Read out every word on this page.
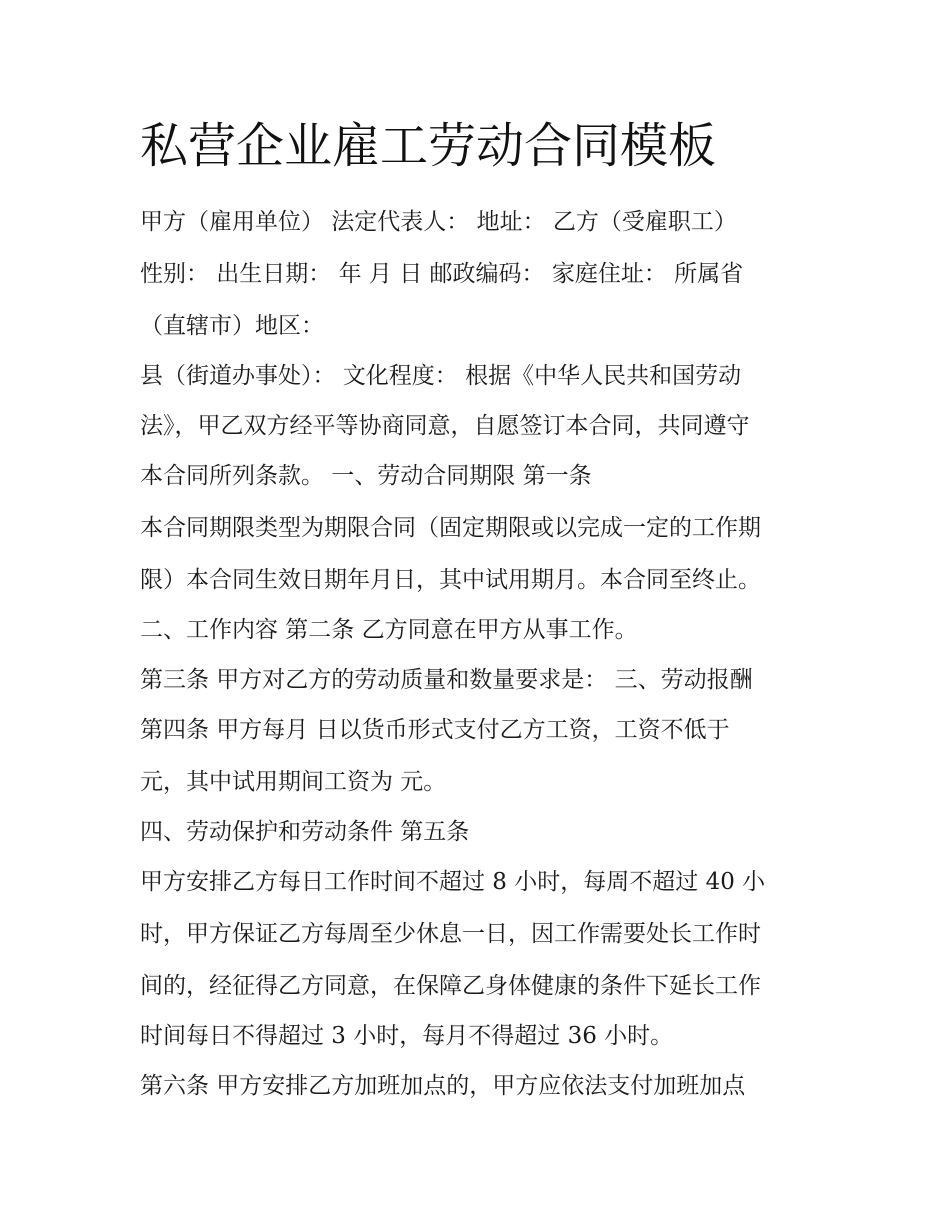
私营企业雇工劳动合同模板

甲方（雇用单位） 法定代表人： 地址： 乙方（受雇职工）

性别： 出生日期： 年 月 日 邮政编码： 家庭住址： 所属省

（直辖市）地区：

县（街道办事处）： 文化程度： 根据《中华人民共和国劳动

法》，甲乙双方经平等协商同意，自愿签订本合同，共同遵守

本合同所列条款。 一、劳动合同期限 第一条

本合同期限类型为期限合同（固定期限或以完成一定的工作期

限）本合同生效日期年月日，其中试用期月。本合同至终止。

二、工作内容 第二条 乙方同意在甲方从事工作。

第三条 甲方对乙方的劳动质量和数量要求是： 三、劳动报酬

第四条 甲方每月 日以货币形式支付乙方工资，工资不低于

元，其中试用期间工资为 元。

四、劳动保护和劳动条件 第五条

甲方安排乙方每日工作时间不超过 8 小时，每周不超过 40 小

时，甲方保证乙方每周至少休息一日，因工作需要处长工作时

间的，经征得乙方同意，在保障乙身体健康的条件下延长工作

时间每日不得超过 3 小时，每月不得超过 36 小时。

第六条 甲方安排乙方加班加点的，甲方应依法支付加班加点
